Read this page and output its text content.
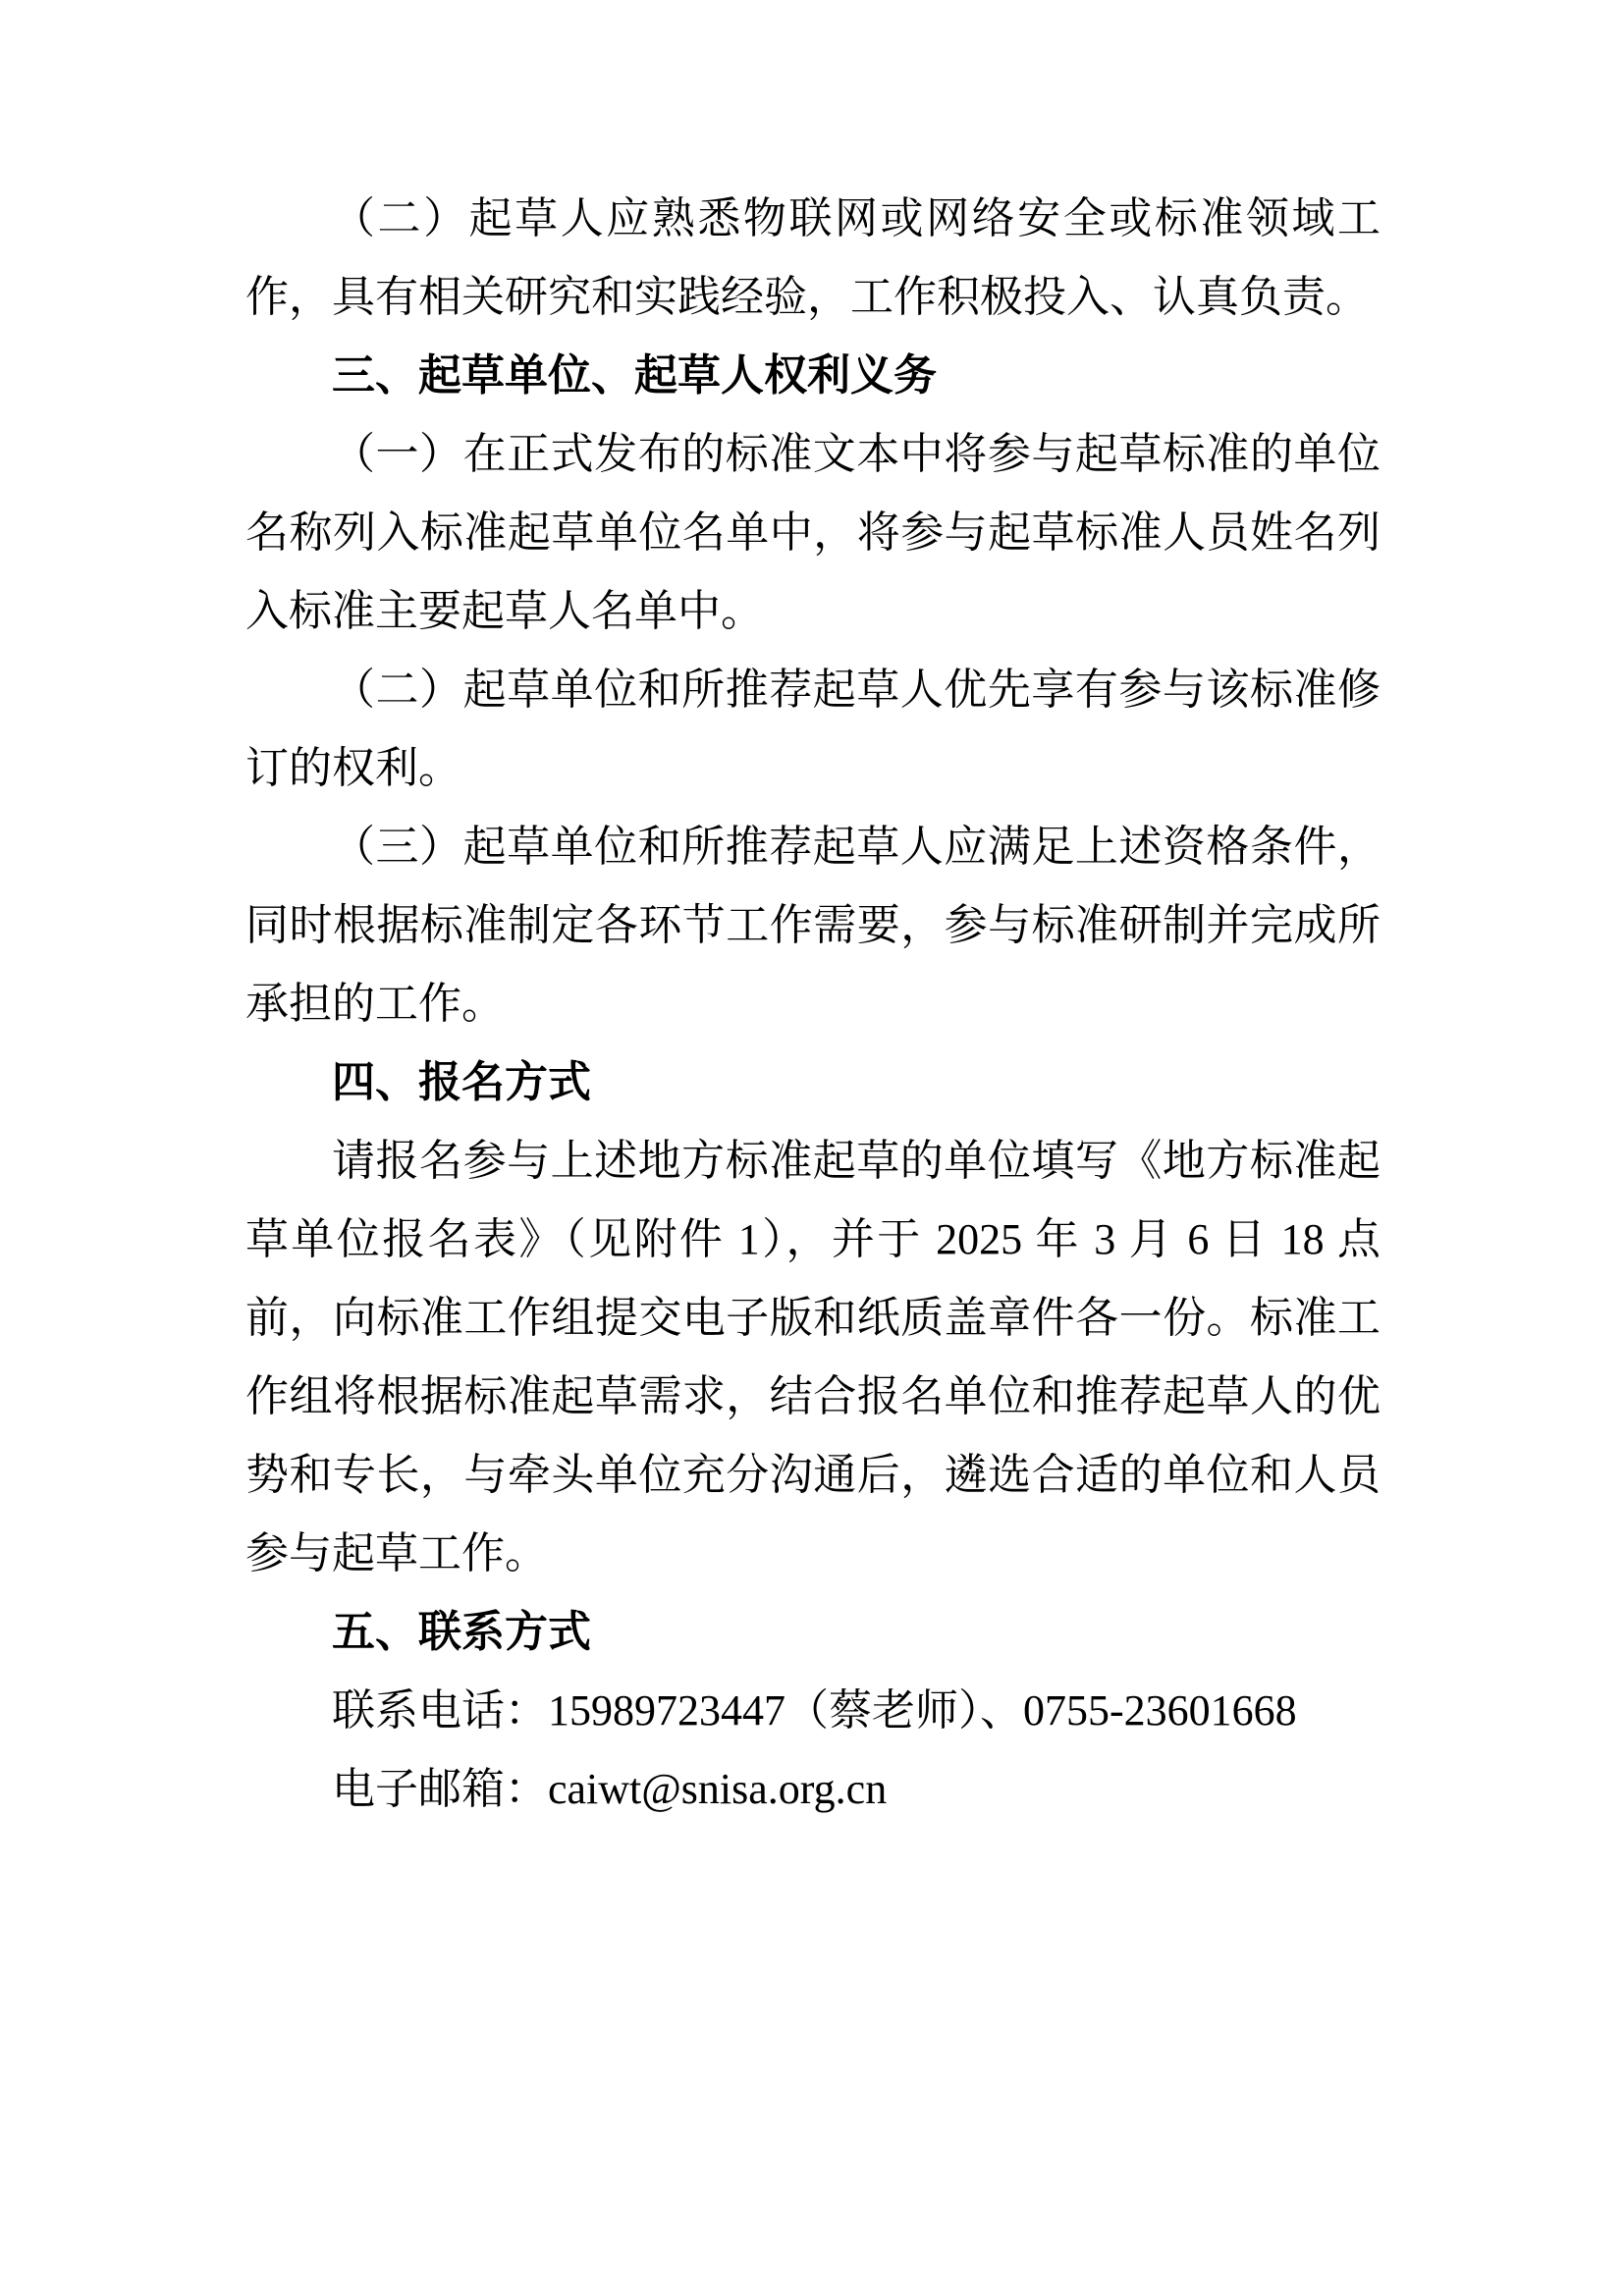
（二）起草人应熟悉物联网或网络安全或标准领域工作，具有相关研究和实践经验，工作积极投入、认真负责。

三、起草单位、起草人权利义务

（一）在正式发布的标准文本中将参与起草标准的单位名称列入标准起草单位名单中，将参与起草标准人员姓名列入标准主要起草人名单中。

（二）起草单位和所推荐起草人优先享有参与该标准修订的权利。

（三）起草单位和所推荐起草人应满足上述资格条件，同时根据标准制定各环节工作需要，参与标准研制并完成所承担的工作。

四、报名方式

请报名参与上述地方标准起草的单位填写《地方标准起草单位报名表》（见附件 1），并于 2025 年 3 月 6 日 18 点前，向标准工作组提交电子版和纸质盖章件各一份。标准工作组将根据标准起草需求，结合报名单位和推荐起草人的优势和专长，与牵头单位充分沟通后，遴选合适的单位和人员参与起草工作。

五、联系方式

联系电话：15989723447（蔡老师）、0755-23601668

电子邮箱：caiwt@snisa.org.cn
